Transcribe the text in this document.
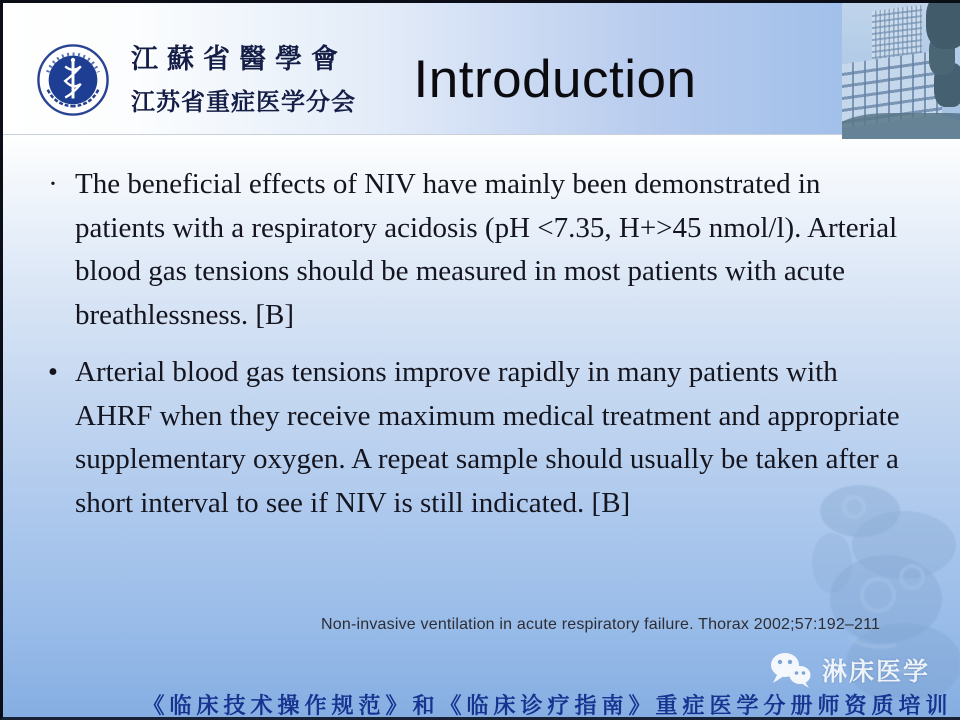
江蘇省醫學會
江苏省重症医学分会 Introduction
· The beneficial effects of NIV have mainly been demonstrated in patients with a respiratory acidosis (pH <7.35, H+>45 nmol/l). Arterial blood gas tensions should be measured in most patients with acute breathlessness. [B]

• Arterial blood gas tensions improve rapidly in many patients with AHRF when they receive maximum medical treatment and appropriate supplementary oxygen. A repeat sample should usually be taken after a short interval to see if NIV is still indicated. [B]

Non-invasive ventilation in acute respiratory failure. Thorax 2002;57:192–211
淋床医学
《临床技术操作规范》和《临床诊疗指南》重症医学分册师资质培训
